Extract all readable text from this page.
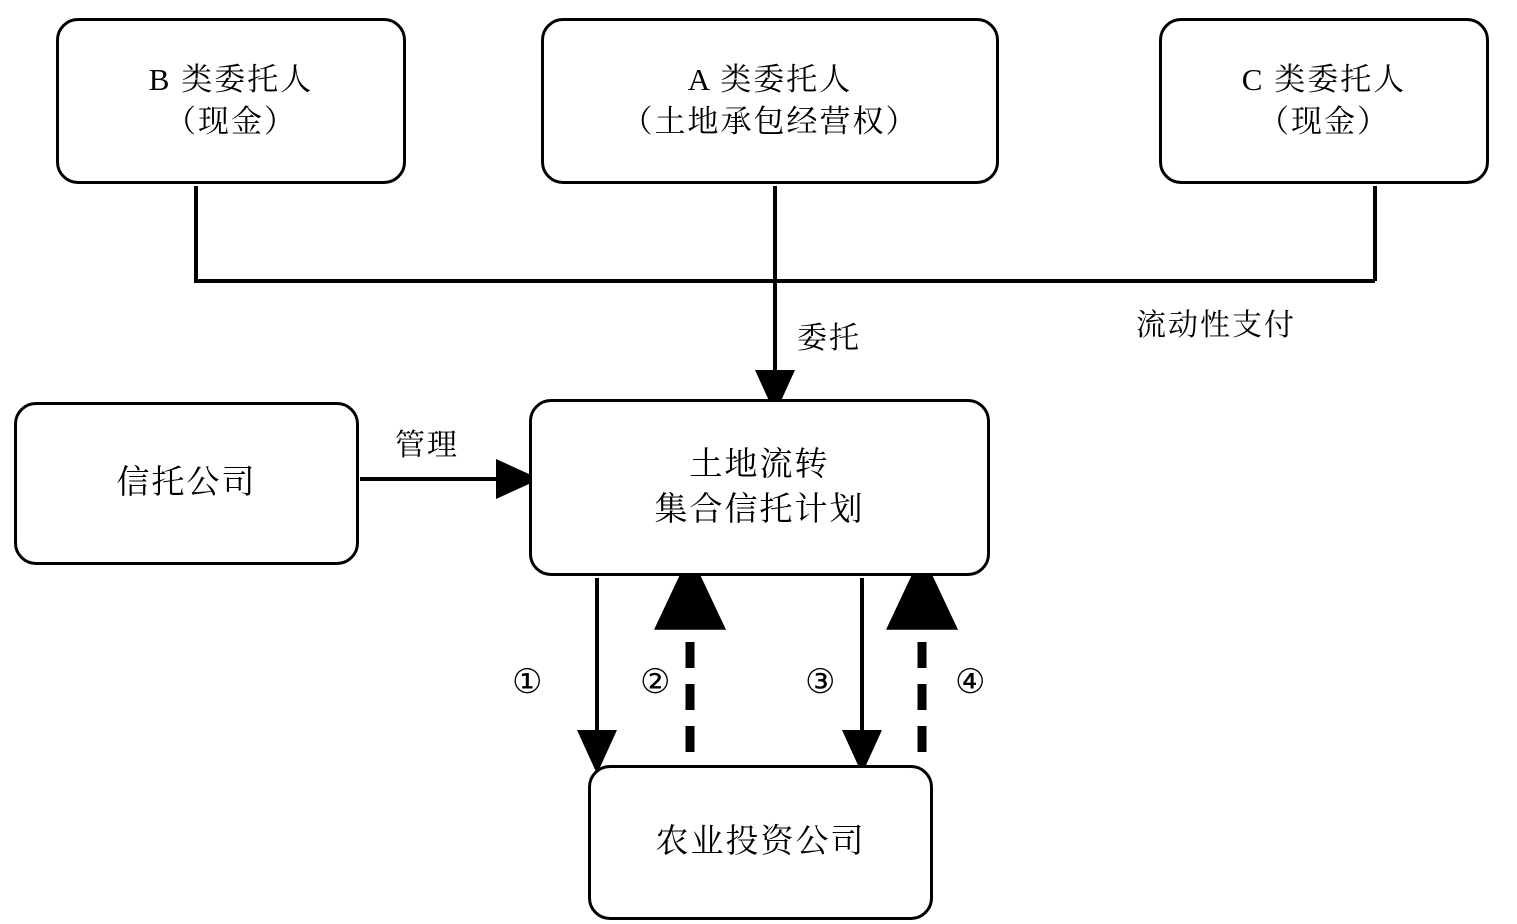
B 类委托人
（现金）
A 类委托人
（土地承包经营权）
C 类委托人
（现金）
信托公司
土地流转
集合信托计划
农业投资公司
委托	流动性支付
管理
①	②	③	④
